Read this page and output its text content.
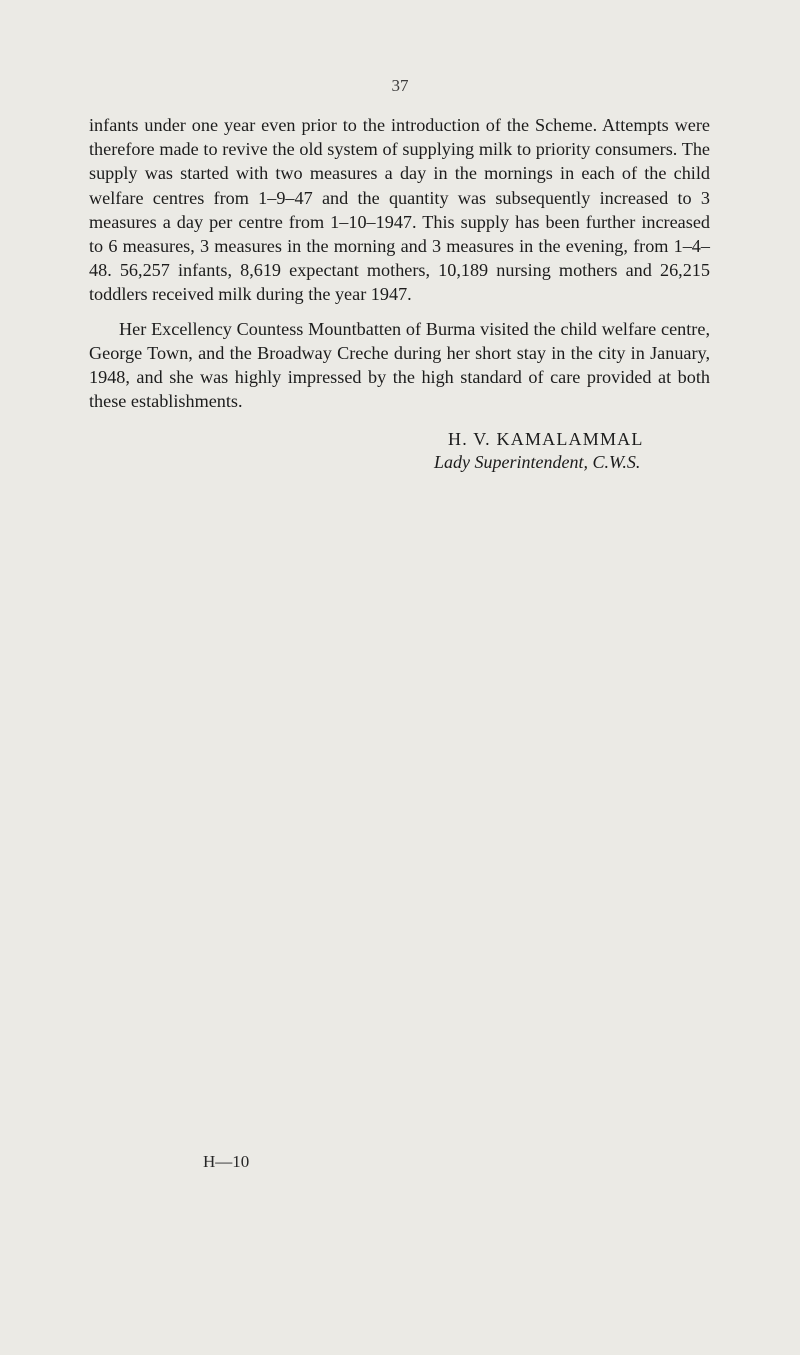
37

infants under one year even prior to the introduction of the Scheme. Attempts were therefore made to revive the old system of supplying milk to priority consumers. The supply was started with two measures a day in the mornings in each of the child welfare centres from 1–9–47 and the quantity was subsequently increased to 3 measures a day per centre from 1–10–1947. This supply has been further increased to 6 measures, 3 measures in the morning and 3 measures in the evening, from 1–4–48. 56,257 infants, 8,619 expectant mothers, 10,189 nursing mothers and 26,215 toddlers received milk during the year 1947.

Her Excellency Countess Mountbatten of Burma visited the child welfare centre, George Town, and the Broadway Creche during her short stay in the city in January, 1948, and she was highly impressed by the high standard of care provided at both these establishments.

H. V. KAMALAMMAL
Lady Superintendent, C.W.S.
H—10
